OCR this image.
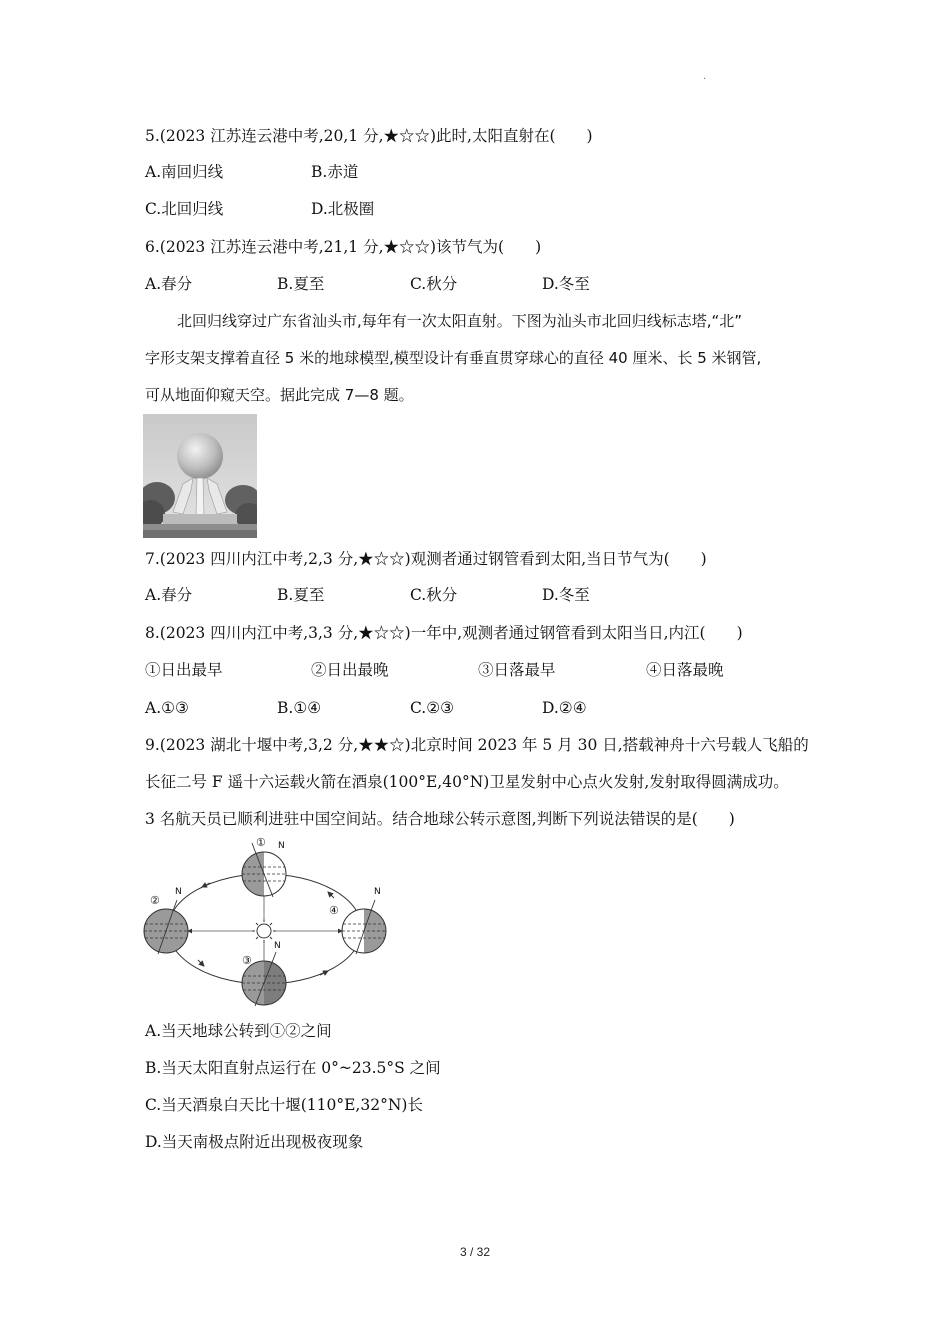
·
5.(2023 江苏连云港中考,20,1 分,★☆☆)此时,太阳直射在(　　)
A.南回归线	B.赤道
C.北回归线	D.北极圈
6.(2023 江苏连云港中考,21,1 分,★☆☆)该节气为(　　)
A.春分	B.夏至	C.秋分	D.冬至
北回归线穿过广东省汕头市,每年有一次太阳直射。下图为汕头市北回归线标志塔,“北”
字形支架支撑着直径 5 米的地球模型,模型设计有垂直贯穿球心的直径 40 厘米、长 5 米钢管,
可从地面仰窥天空。据此完成 7—8 题。
7.(2023 四川内江中考,2,3 分,★☆☆)观测者通过钢管看到太阳,当日节气为(　　)
A.春分	B.夏至	C.秋分	D.冬至
8.(2023 四川内江中考,3,3 分,★☆☆)一年中,观测者通过钢管看到太阳当日,内江(　　)
①日出最早	②日出最晚	③日落最早	④日落最晚
A.①③	B.①④	C.②③	D.②④
9.(2023 湖北十堰中考,3,2 分,★★☆)北京时间 2023 年 5 月 30 日,搭载神舟十六号载人飞船的
长征二号 F 遥十六运载火箭在酒泉(100°E,40°N)卫星发射中心点火发射,发射取得圆满成功。
3 名航天员已顺利进驻中国空间站。结合地球公转示意图,判断下列说法错误的是(　　)
① N
②
N
③
N
④
N
A.当天地球公转到①②之间
B.当天太阳直射点运行在 0°~23.5°S 之间
C.当天酒泉白天比十堰(110°E,32°N)长
D.当天南极点附近出现极夜现象
3 / 32
